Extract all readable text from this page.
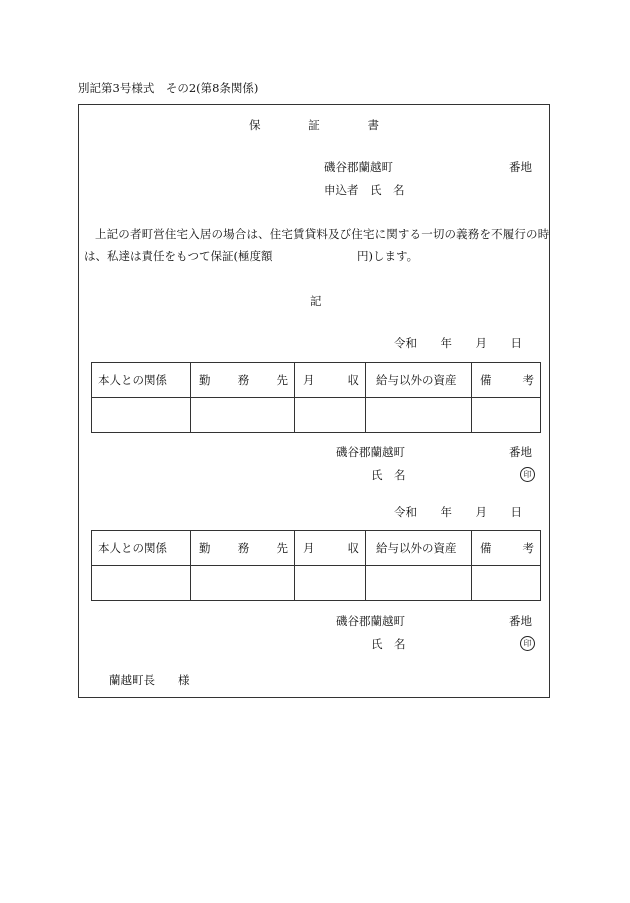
別記第3号様式　その2(第8条関係)
保	証	書
磯谷郡蘭越町	番地
申込者　 氏　名
上記の者町営住宅入居の場合は、住宅賃貸料及び住宅に関する一切の義務を不履行の時
は、私達は責任をもつて保証(極度額	円)します。
記
令和 年 月 日
本人との関係	勤 務 先	月 収	給与以外の資産	備 考

磯谷郡蘭越町	番地
氏　名	印
令和 年 月 日
本人との関係	勤 務 先	月 収	給与以外の資産	備 考

磯谷郡蘭越町	番地
氏　名	印
蘭越町長　　様
